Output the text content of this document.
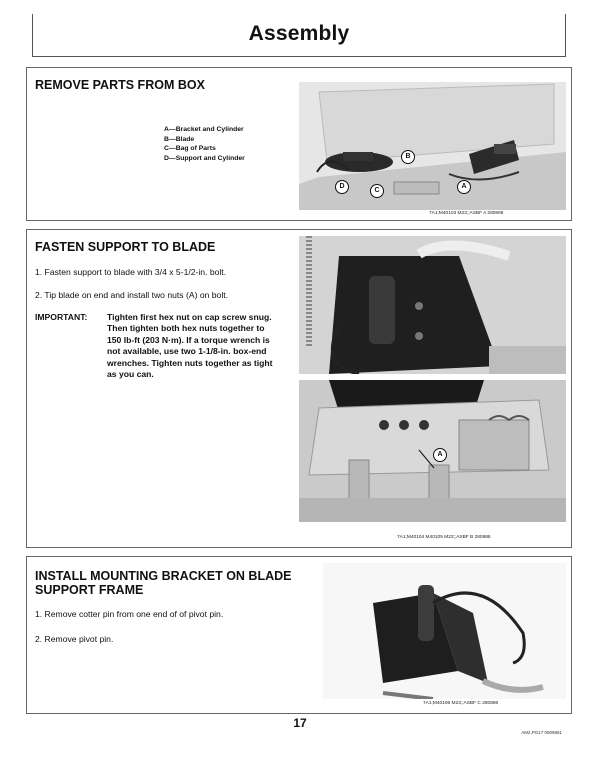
Assembly
REMOVE PARTS FROM BOX
A—Bracket and Cylinder
B—Blade
C—Bag of Parts
D—Support and Cylinder	B
D
C
A
7A1;M40103 M23;;ASBF A 280886
FASTEN SUPPORT TO BLADE
1. Fasten support to blade with 3/4 x 5-1/2-in. bolt.
2. Tip blade on end and install two nuts (A) on bolt.
IMPORTANT: Tighten first hex nut on cap screw snug.
Then tighten both hex nuts together to
150 lb-ft (203 N·m). If a torque wrench is
not available, use two 1-1/8-in. box-end
wrenches. Tighten nuts together as tight
as you can.
A
7A1;M40104 M40105 M23;;ASBF B 280886
INSTALL MOUNTING BRACKET ON BLADE
SUPPORT FRAME
1. Remove cotter pin from one end of of pivot pin.
2. Remove pivot pin.
7A1;M40106 M23;;ASBF C 280886
17
AM2,PG17 0909861
